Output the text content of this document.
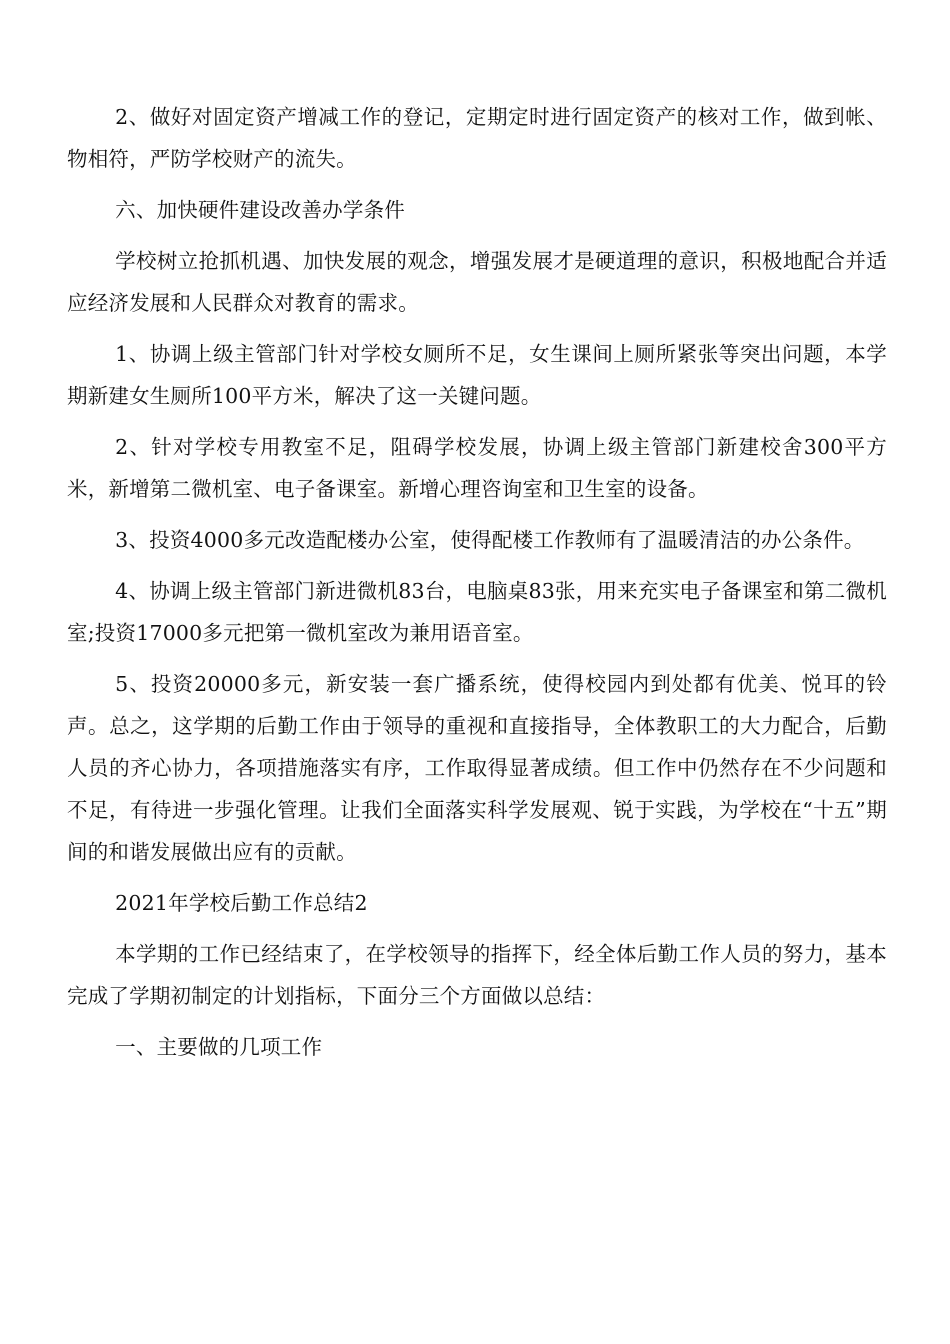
2、做好对固定资产增减工作的登记，定期定时进行固定资产的核对工作，做到帐、物相符，严防学校财产的流失。

六、加快硬件建设改善办学条件

学校树立抢抓机遇、加快发展的观念，增强发展才是硬道理的意识，积极地配合并适应经济发展和人民群众对教育的需求。

1、协调上级主管部门针对学校女厕所不足，女生课间上厕所紧张等突出问题，本学期新建女生厕所100平方米，解决了这一关键问题。

2、针对学校专用教室不足，阻碍学校发展，协调上级主管部门新建校舍300平方米，新增第二微机室、电子备课室。新增心理咨询室和卫生室的设备。

3、投资4000多元改造配楼办公室，使得配楼工作教师有了温暖清洁的办公条件。

4、协调上级主管部门新进微机83台，电脑桌83张，用来充实电子备课室和第二微机室;投资17000多元把第一微机室改为兼用语音室。

5、投资20000多元，新安装一套广播系统，使得校园内到处都有优美、悦耳的铃声。总之，这学期的后勤工作由于领导的重视和直接指导，全体教职工的大力配合，后勤人员的齐心协力，各项措施落实有序，工作取得显著成绩。但工作中仍然存在不少问题和不足，有待进一步强化管理。让我们全面落实科学发展观、锐于实践，为学校在“十五”期间的和谐发展做出应有的贡献。

2021年学校后勤工作总结2

本学期的工作已经结束了，在学校领导的指挥下，经全体后勤工作人员的努力，基本完成了学期初制定的计划指标，下面分三个方面做以总结：

一、主要做的几项工作
